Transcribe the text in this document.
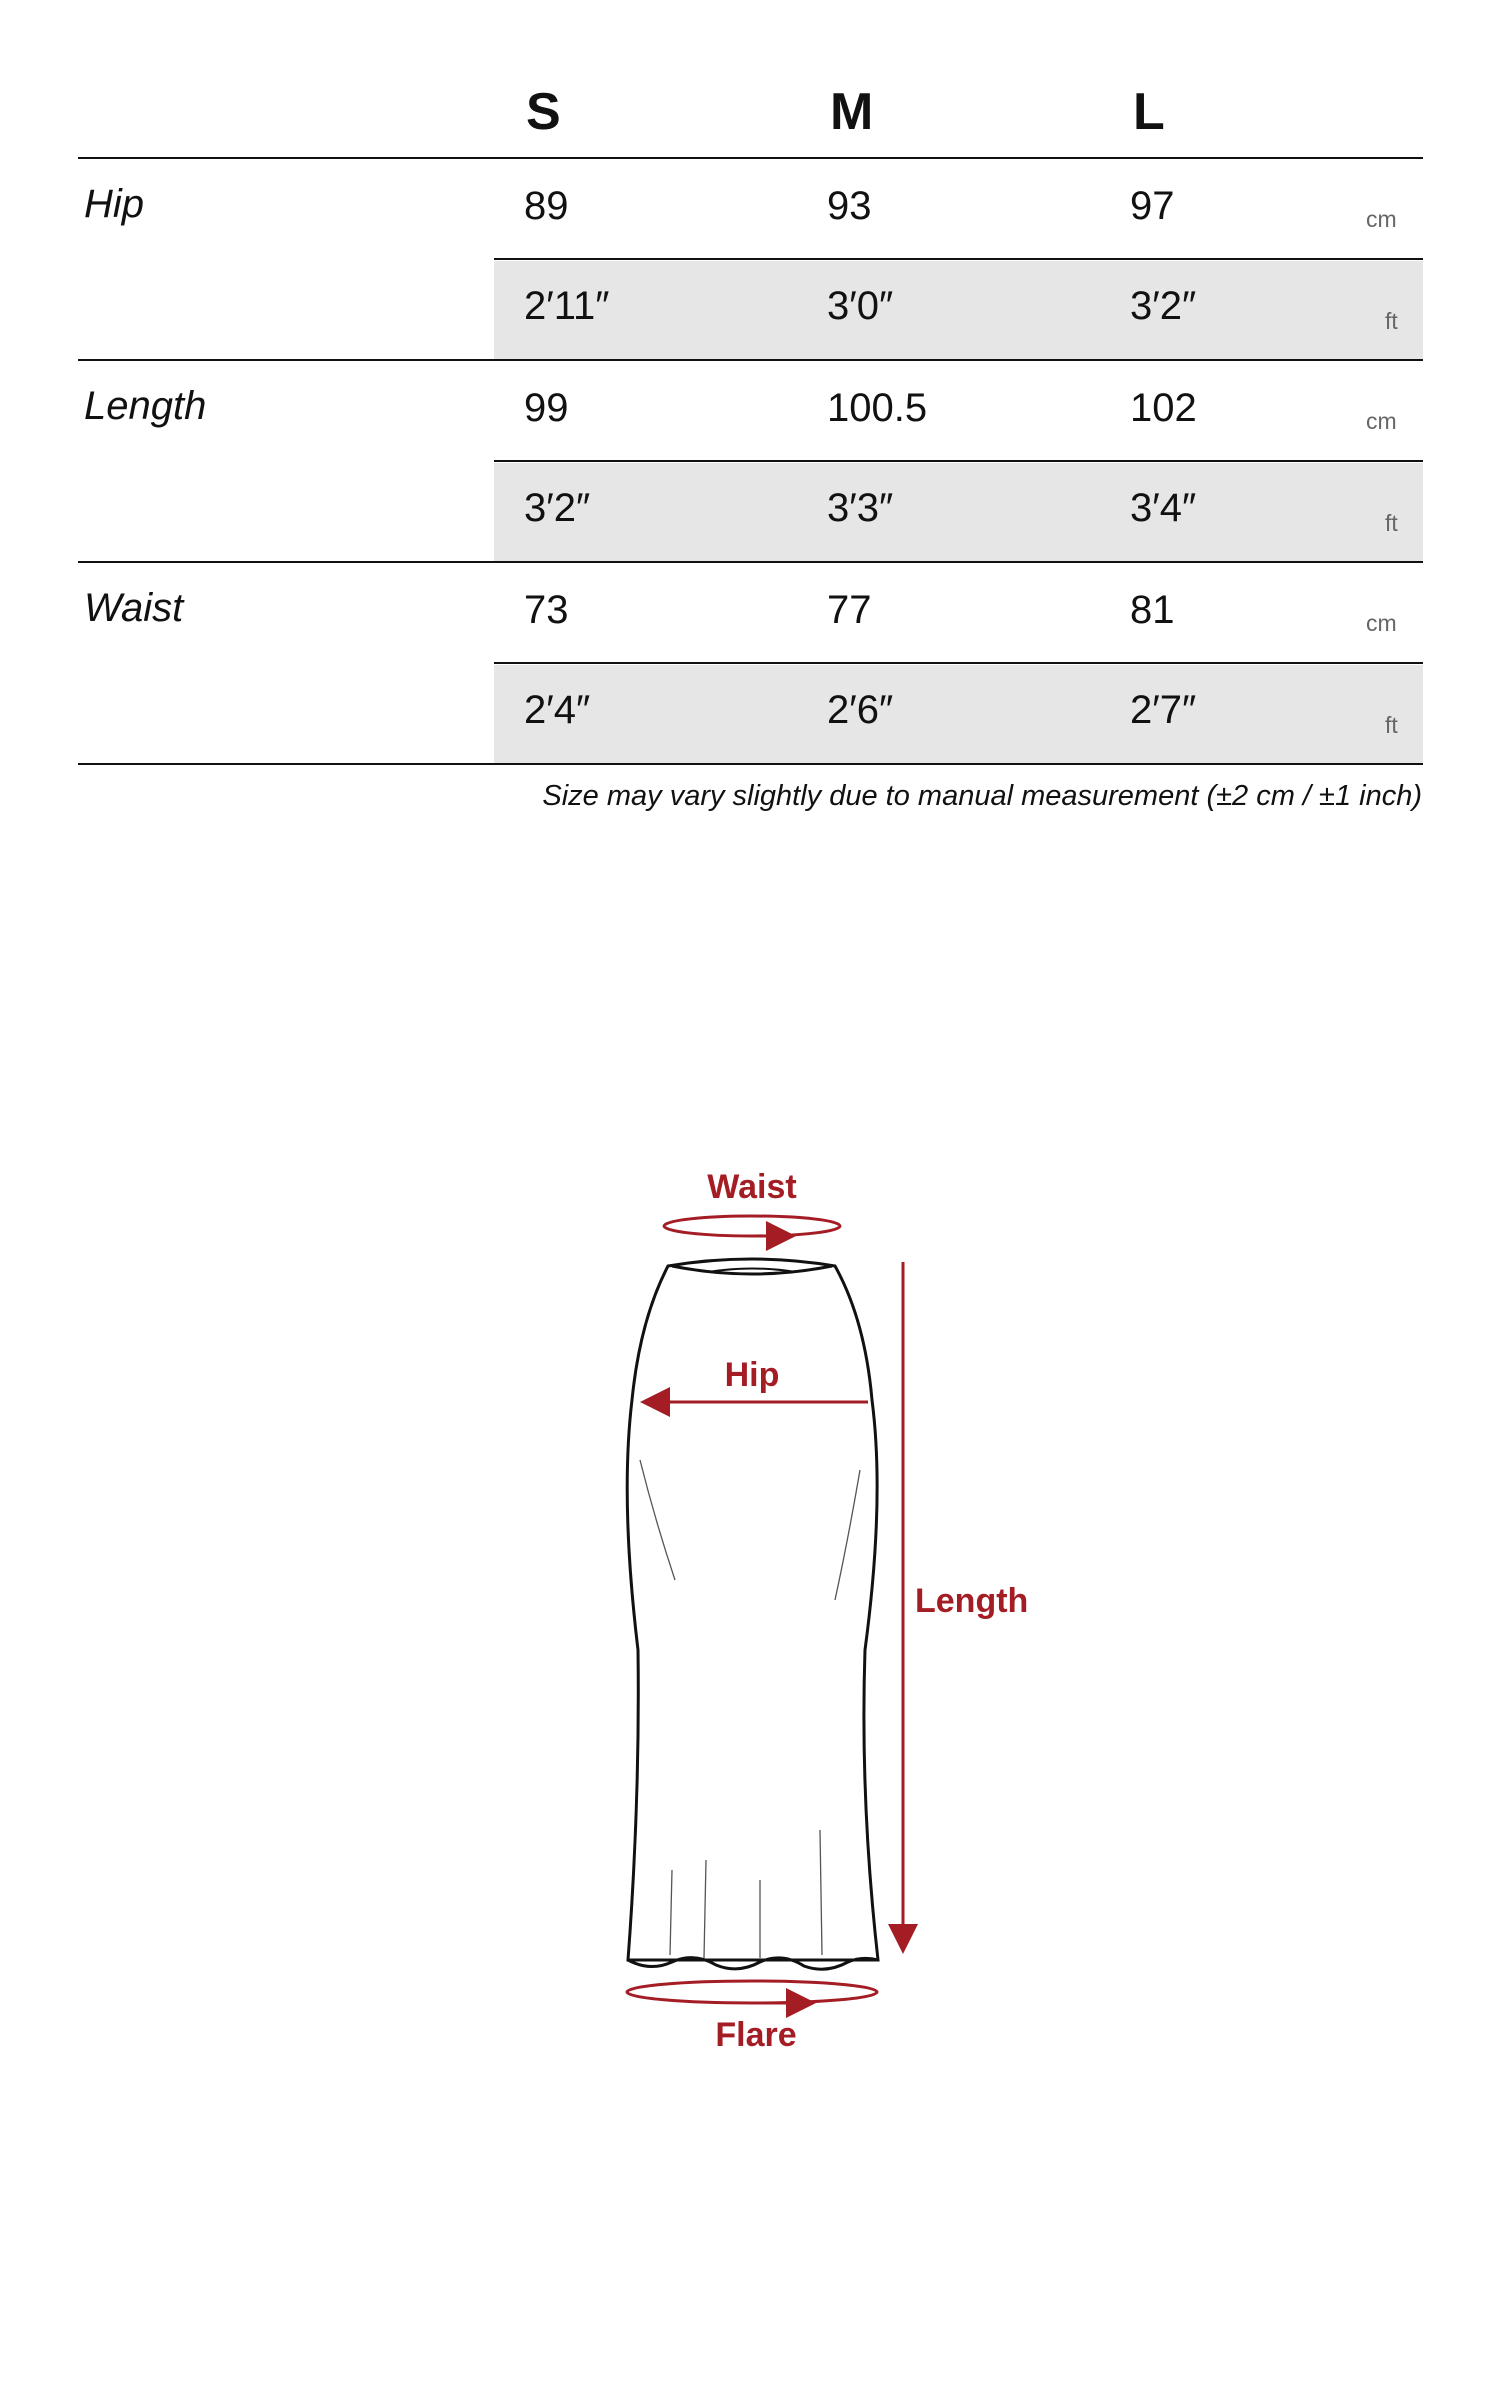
S	M	L
Hip	89	93	97	cm
2′11″	3′0″	3′2″	ft
Length	99	100.5	102	cm
3′2″	3′3″	3′4″	ft
Waist	73	77	81	cm
2′4″	2′6″	2′7″	ft
Size may vary slightly due to manual measurement (±2 cm / ±1 inch)
Waist
Hip
Length
Flare
